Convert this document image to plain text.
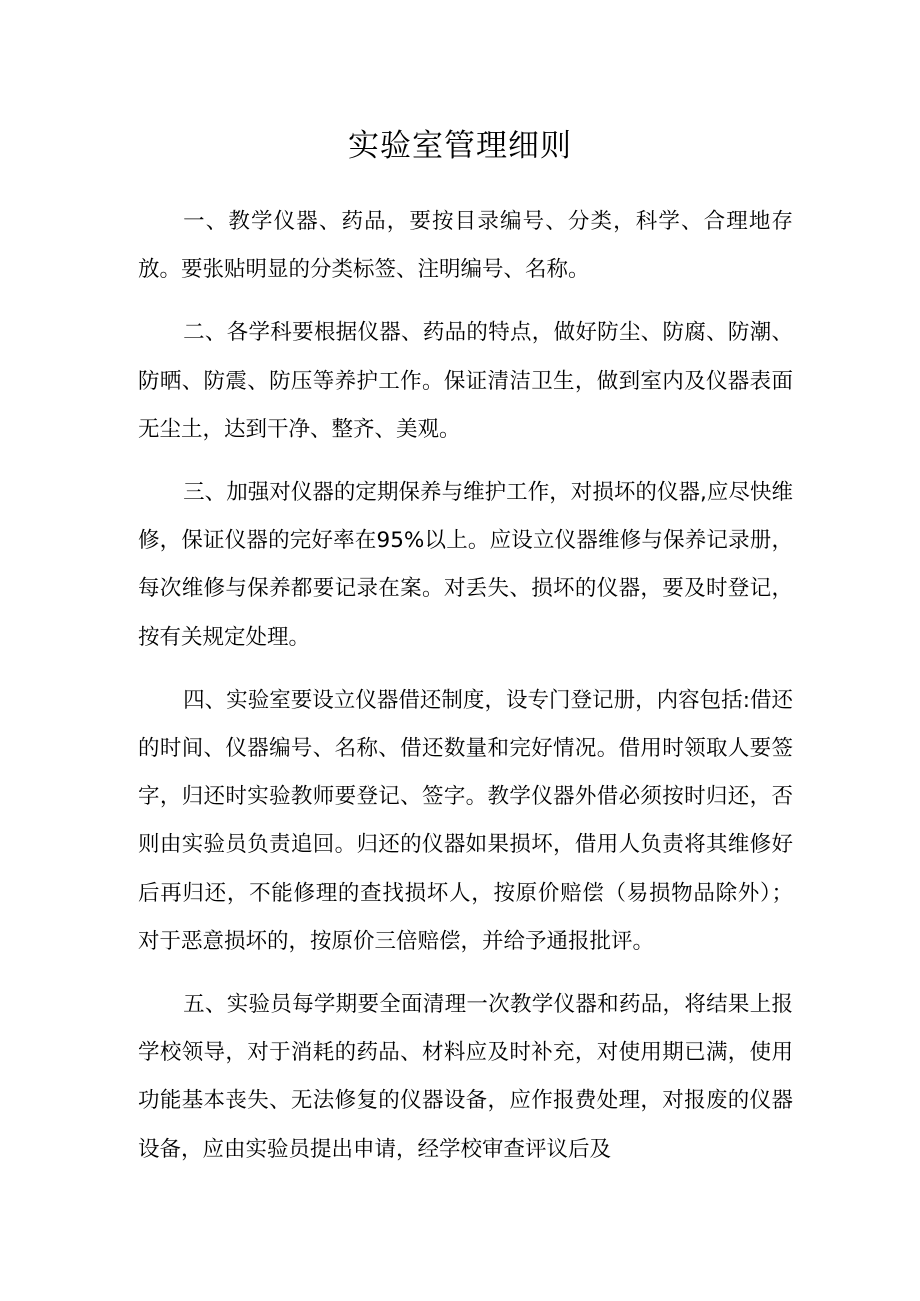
实验室管理细则

一、教学仪器、药品，要按目录编号、分类，科学、合理地存放。要张贴明显的分类标签、注明编号、名称。

二、各学科要根据仪器、药品的特点，做好防尘、防腐、防潮、防晒、防震、防压等养护工作。保证清洁卫生，做到室内及仪器表面无尘土，达到干净、整齐、美观。

三、加强对仪器的定期保养与维护工作，对损坏的仪器,应尽快维修，保证仪器的完好率在95%以上。应设立仪器维修与保养记录册，每次维修与保养都要记录在案。对丢失、损坏的仪器，要及时登记，按有关规定处理。

四、实验室要设立仪器借还制度，设专门登记册，内容包括:借还的时间、仪器编号、名称、借还数量和完好情况。借用时领取人要签字，归还时实验教师要登记、签字。教学仪器外借必须按时归还，否则由实验员负责追回。归还的仪器如果损坏，借用人负责将其维修好后再归还，不能修理的查找损坏人，按原价赔偿（易损物品除外）；对于恶意损坏的，按原价三倍赔偿，并给予通报批评。

五、实验员每学期要全面清理一次教学仪器和药品，将结果上报学校领导，对于消耗的药品、材料应及时补充，对使用期已满，使用功能基本丧失、无法修复的仪器设备，应作报费处理，对报废的仪器设备，应由实验员提出申请，经学校审查评议后及
